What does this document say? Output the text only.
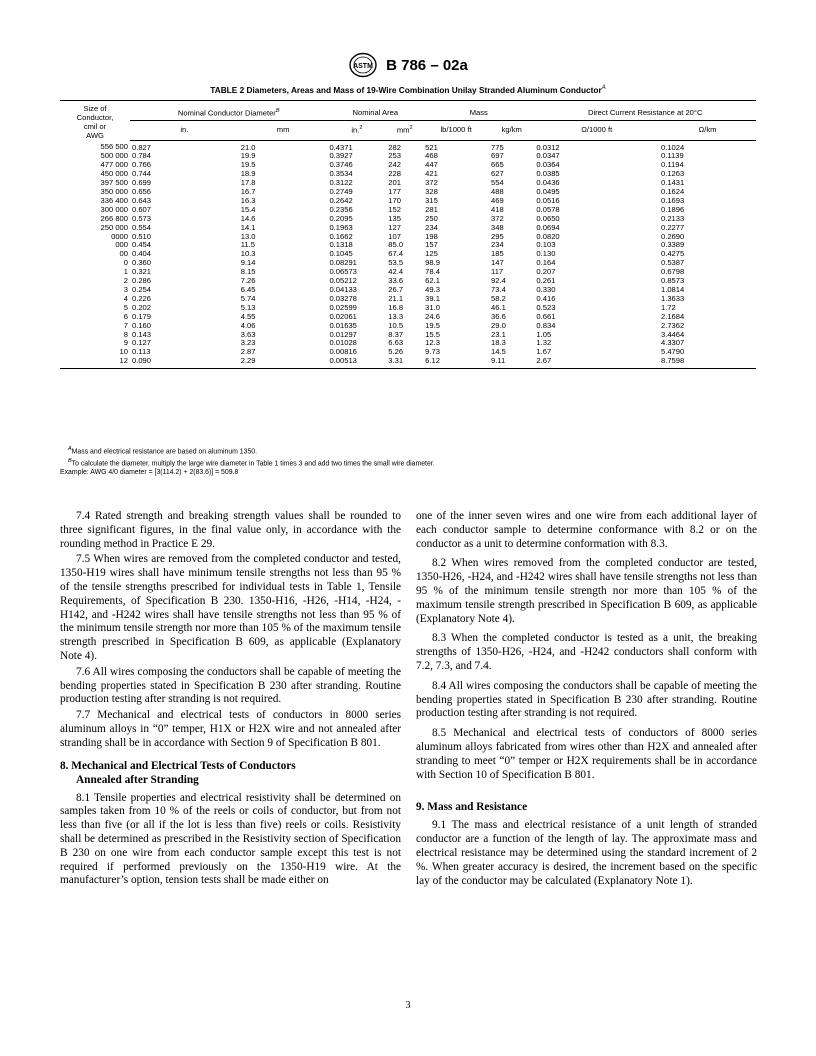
ASTM B 786 – 02a
TABLE 2 Diameters, Areas and Mass of 19-Wire Combination Unilay Stranded Aluminum Conductor$^A$
Size of
Conductor,
cmil or
AWG	Nominal Conductor Diameter$^B$		Nominal Area		Mass		Direct Current Resistance at 20°C	
	in.	mm	in.$^2$	$mm^2$	lb/1000 ft	kg/km	Ω/1000 ft	Ω/km
556 500	0.827	21.0	0.4371	282	521	775	0.0312	0.1024
500 000	0.784	19.9	0.3927	253	468	697	0.0347	0.1139
477 000	0.766	19.5	0.3746	242	447	665	0.0364	0.1194
450 000	0.744	18.9	0.3534	228	421	627	0.0385	0.1263
397 500	0.699	17.8	0.3122	201	372	554	0.0436	0.1431
350 000	0.656	16.7	0.2749	177	328	488	0.0495	0.1624
336 400	0.643	16.3	0.2642	170	315	469	0.0516	0.1693
300 000	0.607	15.4	0.2356	152	281	418	0.0578	0.1896
266 800	0.573	14.6	0.2095	135	250	372	0.0650	0.2133
250 000	0.554	14.1	0.1963	127	234	348	0.0694	0.2277
0000	0.510	13.0	0.1662	107	198	295	0.0820	0.2690
000	0.454	11.5	0.1318	85.0	157	234	0.103	0.3389
00	0.404	10.3	0.1045	67.4	125	185	0.130	0.4275
0	0.360	9.14	0.08291	53.5	98.9	147	0.164	0.5387
1	0.321	8.15	0.06573	42.4	78.4	117	0.207	0.6798
2	0.286	7.26	0.05212	33.6	62.1	92.4	0.261	0.8573
3	0.254	6.45	0.04133	26.7	49.3	73.4	0.330	1.0814
4	0.226	5.74	0.03278	21.1	39.1	58.2	0.416	1.3633
5	0.202	5.13	0.02599	16.8	31.0	46.1	0.523	1.72
6	0.179	4.55	0.02061	13.3	24.6	36.6	0.661	2.1684
7	0.160	4.06	0.01635	10.5	19.5	29.0	0.834	2.7362
8	0.143	3.63	0.01297	8.37	15.5	23.1	1.05	3.4464
9	0.127	3.23	0.01028	6.63	12.3	18.3	1.32	4.3307
10	0.113	2.87	0.00816	5.26	9.73	14.5	1.67	5.4790
12	0.090	2.29	0.00513	3.31	6.12	9.11	2.67	8.7598
$^A$Mass and electrical resistance are based on aluminum 1350.
$^B$To calculate the diameter, multiply the large wire diameter in Table 1 times 3 and add two times the small wire diameter.
Example: AWG 4/0 diameter = [3(114.2) + 2(83.6)] = 509.8

7.4 Rated strength and breaking strength values shall be rounded to three significant figures, in the final value only, in accordance with the rounding method in Practice E 29.

7.5 When wires are removed from the completed conductor and tested, 1350-H19 wires shall have minimum tensile strengths not less than 95 % of the tensile strengths prescribed for individual tests in Table 1, Tensile Requirements, of Specification B 230. 1350-H16, -H26, -H14, -H24, -H142, and -H242 wires shall have tensile strengths not less than 95 % of the minimum tensile strength nor more than 105 % of the maximum tensile strength prescribed in Specification B 609, as applicable (Explanatory Note 4).

7.6 All wires composing the conductors shall be capable of meeting the bending properties stated in Specification B 230 after stranding. Routine production testing after stranding is not required.

7.7 Mechanical and electrical tests of conductors in 8000 series aluminum alloys in “0” temper, H1X or H2X wire and not annealed after stranding shall be in accordance with Section 9 of Specification B 801.

8. Mechanical and Electrical Tests of Conductors
Annealed after Stranding

8.1 Tensile properties and electrical resistivity shall be determined on samples taken from 10 % of the reels or coils of conductor, but from not less than five (or all if the lot is less than five) reels or coils. Resistivity shall be determined as prescribed in the Resistivity section of Specification B 230 on one wire from each conductor sample except this test is not required if performed previously on the 1350-H19 wire. At the manufacturer’s option, tension tests shall be made either on

one of the inner seven wires and one wire from each additional layer of each conductor sample to determine conformance with 8.2 or on the conductor as a unit to determine conformation with 8.3.

8.2 When wires removed from the completed conductor are tested, 1350-H26, -H24, and -H242 wires shall have tensile strengths not less than 95 % of the minimum tensile strength nor more than 105 % of the maximum tensile strength prescribed in Specification B 609, as applicable (Explanatory Note 4).

8.3 When the completed conductor is tested as a unit, the breaking strengths of 1350-H26, -H24, and -H242 conductors shall conform with 7.2, 7.3, and 7.4.

8.4 All wires composing the conductors shall be capable of meeting the bending properties stated in Specification B 230 after stranding. Routine production testing after stranding is not required.

8.5 Mechanical and electrical tests of conductors of 8000 series aluminum alloys fabricated from wires other than H2X and annealed after stranding to meet “0” temper or H2X requirements shall be in accordance with Section 10 of Specification B 801.

9. Mass and Resistance

9.1 The mass and electrical resistance of a unit length of stranded conductor are a function of the length of lay. The approximate mass and electrical resistance may be determined using the standard increment of 2 %. When greater accuracy is desired, the increment based on the specific lay of the conductor may be calculated (Explanatory Note 1).

3
